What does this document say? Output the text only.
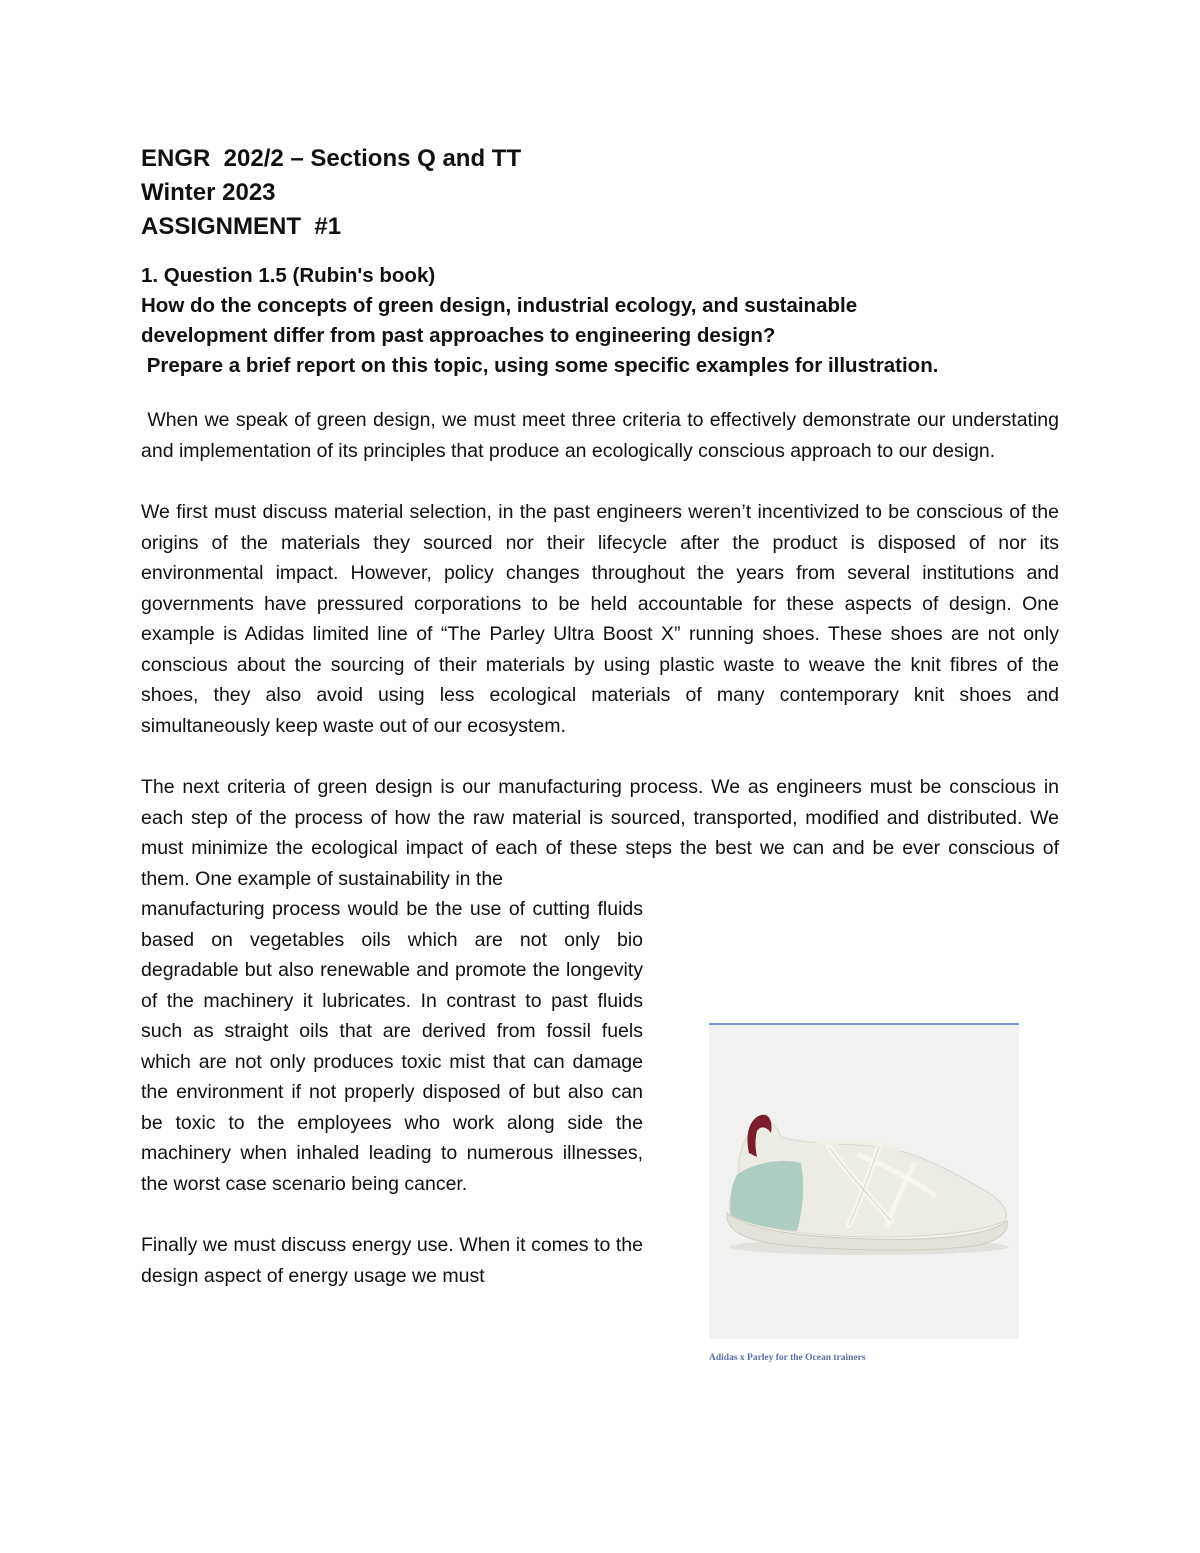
ENGR  202/2 – Sections Q and TT
Winter 2023
ASSIGNMENT  #1
1. Question 1.5 (Rubin's book)
How do the concepts of green design, industrial ecology, and sustainable
development differ from past approaches to engineering design?
Prepare a brief report on this topic, using some specific examples for illustration.

When we speak of green design, we must meet three criteria to effectively demonstrate our understating and implementation of its principles that produce an ecologically conscious approach to our design.

We first must discuss material selection, in the past engineers weren’t incentivized to be conscious of the origins of the materials they sourced nor their lifecycle after the product is disposed of nor its environmental impact. However, policy changes throughout the years from several institutions and governments have pressured corporations to be held accountable for these aspects of design. One example is Adidas limited line of “The Parley Ultra Boost X” running shoes. These shoes are not only conscious about the sourcing of their materials by using plastic waste to weave the knit fibres of the shoes, they also avoid using less ecological materials of many contemporary knit shoes and simultaneously keep waste out of our ecosystem.

The next criteria of green design is our manufacturing process. We as engineers must be conscious in each step of the process of how the raw material is sourced, transported, modified and distributed. We must minimize the ecological impact of each of these steps the best we can and be ever conscious of them. One example of sustainability in the

manufacturing process would be the use of cutting fluids based on vegetables oils which are not only bio degradable but also renewable and promote the longevity of the machinery it lubricates. In contrast to past fluids such as straight oils that are derived from fossil fuels which are not only produces toxic mist that can damage the environment if not properly disposed of but also can be toxic to the employees who work along side the machinery when inhaled leading to numerous illnesses, the worst case scenario being cancer.

Finally we must discuss energy use. When it comes to the design aspect of energy usage we must

Adidas x Parley for the Ocean trainers
